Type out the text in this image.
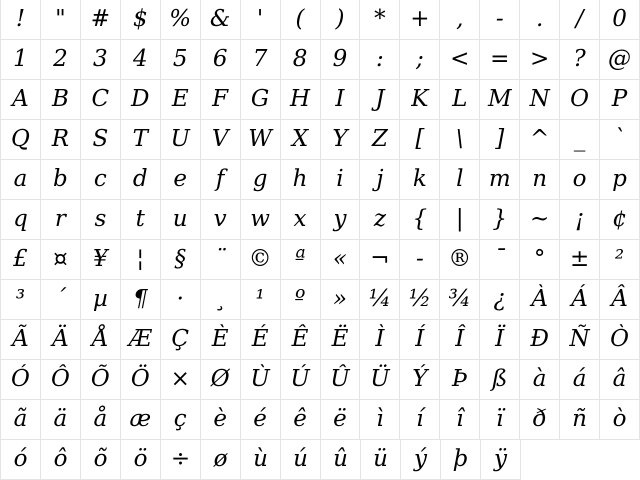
! " # $ % & ' ( ) * + , - . / 0
1 2 3 4 5 6 7 8 9 : ; < = > ? @
A B C D E F G H I J K L M N O P
Q R S T U V W X Y Z [ \ ] ^ _ `
a b c d e f g h i j k l m n o p
q r s t u v w x y z { | } ~ ¡ ¢
£ ¤ ¥ ¦ § ¨ © ª « ¬ - ® ¯ ° ± ²
³ ´ µ ¶ · ¸ ¹ º » ¼ ½ ¾ ¿ À Á Â
Ã Ä Å Æ Ç È É Ê Ë Ì Í Î Ï Ð Ñ Ò
Ó Ô Õ Ö × Ø Ù Ú Û Ü Ý Þ ß à á â
ã ä å æ ç è é ê ë ì í î ï ð ñ ò
ó ô õ ö ÷ ø ù ú û ü ý þ ÿ
